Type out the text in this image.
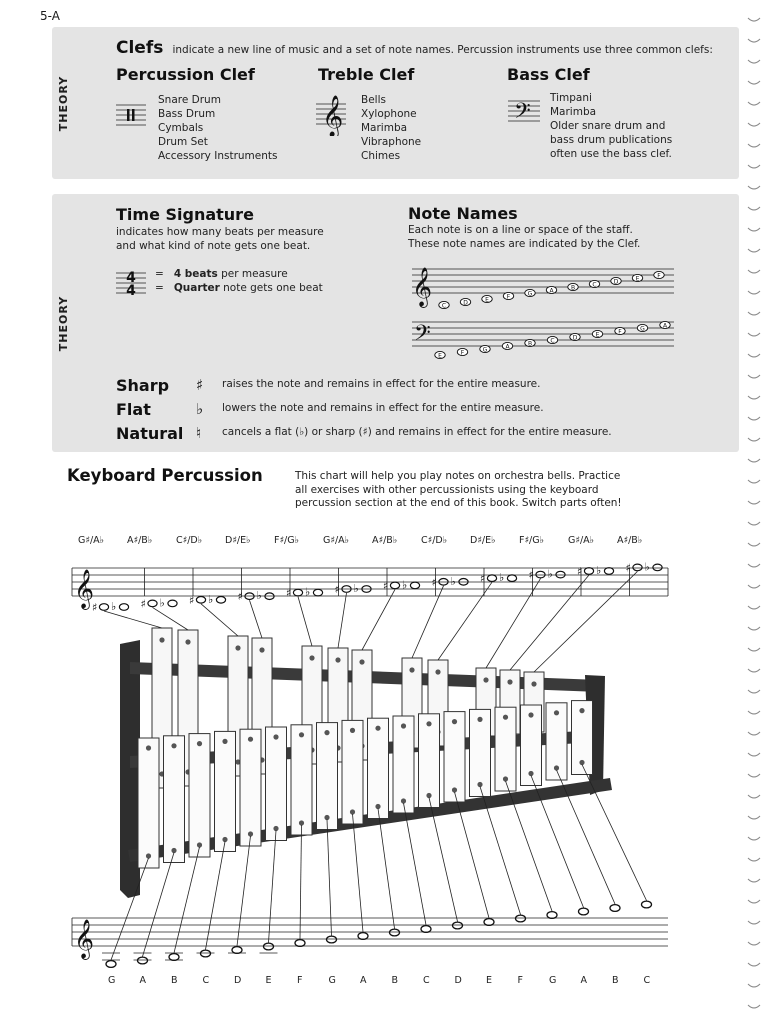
5-A
THEORY
Clefs indicate a new line of music and a set of note names. Percussion instruments use three common clefs:
Percussion Clef	Treble Clef	Bass Clef
Snare Drum
Bass Drum
Cymbals
Drum Set
Accessory Instruments
𝄞 Bells
Xylophone
Marimba
Vibraphone
Chimes
𝄢
Timpani
Marimba
Older snare drum and
bass drum publications
often use the bass clef.
THEORY
Time Signature
indicates how many beats per measure
and what kind of note gets one beat.
4
4
= 4 beats per measure
= Quarter note gets one beat
Note Names
Each note is on a line or space of the staff.
These note names are indicated by the Clef.
𝄞 C	D	E	F	G	A	B	C	D	E	F
𝄢
E	F	G	A	B	C	D	E	F	G	A
Sharp	♯	raises the note and remains in effect for the entire measure.
Flat	♭	lowers the note and remains in effect for the entire measure.
Natural ♮	cancels a flat (♭) or sharp (♯) and remains in effect for the entire measure.
Keyboard Percussion	This chart will help you play notes on orchestra bells. Practice
all exercises with other percussionists using the keyboard
percussion section at the end of this book. Switch parts often!
G♯/A♭ A♯/B♭ C♯/D♭ D♯/E♭ F♯/G♭	G♯/A♭ A♯/B♭ C♯/D♭ D♯/E♭ F♯/G♭	G♯/A♭ A♯/B♭
𝄞
♯ ♭ ♯ ♭ ♯ ♭ ♯ ♭ ♯ ♭ ♯ ♭ ♯ ♭ ♯ ♭ ♯ ♭ ♯ ♭ ♯ ♭ ♯ ♭
𝄞
G	A	B	C	D	E	F	G	A	B	C	D	E	F	G	A	B	C
